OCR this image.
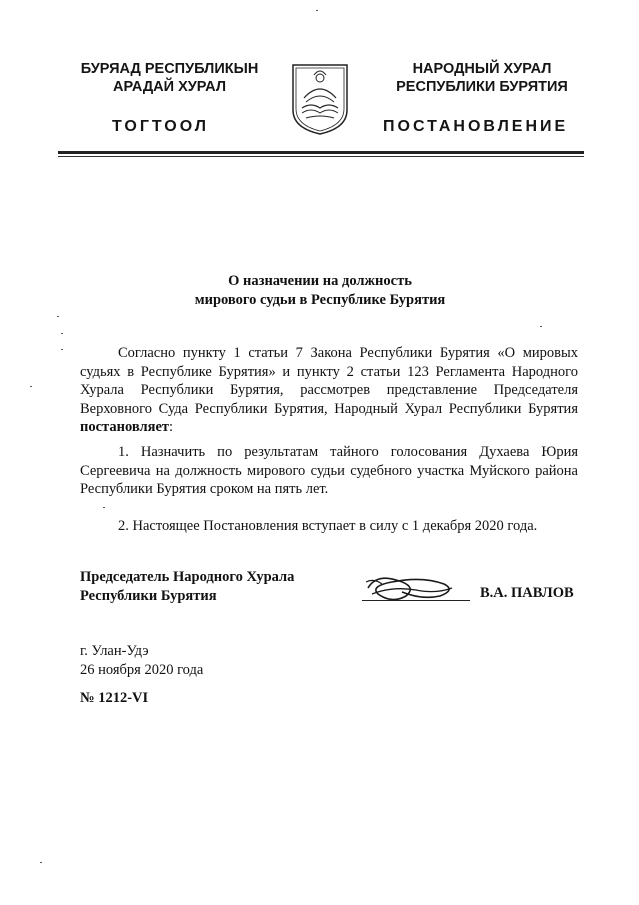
БУРЯАД РЕСПУБЛИКЫН
АРАДАЙ ХУРАЛ
ТОГТООЛ
НАРОДНЫЙ ХУРАЛ
РЕСПУБЛИКИ БУРЯТИЯ
ПОСТАНОВЛЕНИЕ
О назначении на должность
мирового судьи в Республике Бурятия
Согласно пункту 1 статьи 7 Закона Республики Бурятия «О мировых судьях в Республике Бурятия» и пункту 2 статьи 123 Регламента Народного Хурала Республики Бурятия, рассмотрев представление Председателя Верховного Суда Республики Бурятия, Народный Хурал Республики Бурятия постановляет:
1. Назначить по результатам тайного голосования Духаева Юрия Сергеевича на должность мирового судьи судебного участка Муйского района Республики Бурятия сроком на пять лет.
2. Настоящее Постановления вступает в силу с 1 декабря 2020 года.
Председатель Народного Хурала
Республики Бурятия	В.А. ПАВЛОВ
г. Улан-Удэ
26 ноября 2020 года
№ 1212-VI
